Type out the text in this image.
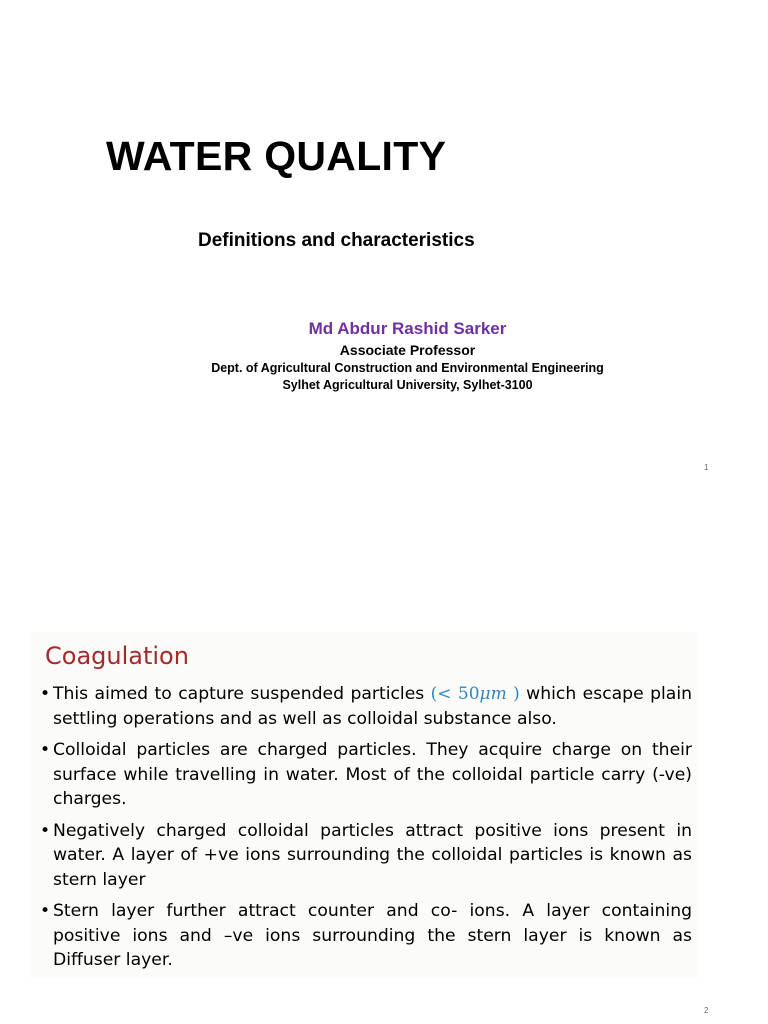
WATER QUALITY
Definitions and characteristics
Md Abdur Rashid Sarker
Associate Professor
Dept. of Agricultural Construction and Environmental Engineering
Sylhet Agricultural University, Sylhet-3100
1
Coagulation
• This aimed to capture suspended particles (< 50μm ) which escape plain settling operations and as well as colloidal substance also.
• Colloidal particles are charged particles. They acquire charge on their surface while travelling in water. Most of the colloidal particle carry (-ve) charges.
• Negatively charged colloidal particles attract positive ions present in water. A layer of +ve ions surrounding the colloidal particles is known as stern layer
• Stern layer further attract counter and co- ions. A layer containing positive ions and –ve ions surrounding the stern layer is known as Diffuser layer.
2
